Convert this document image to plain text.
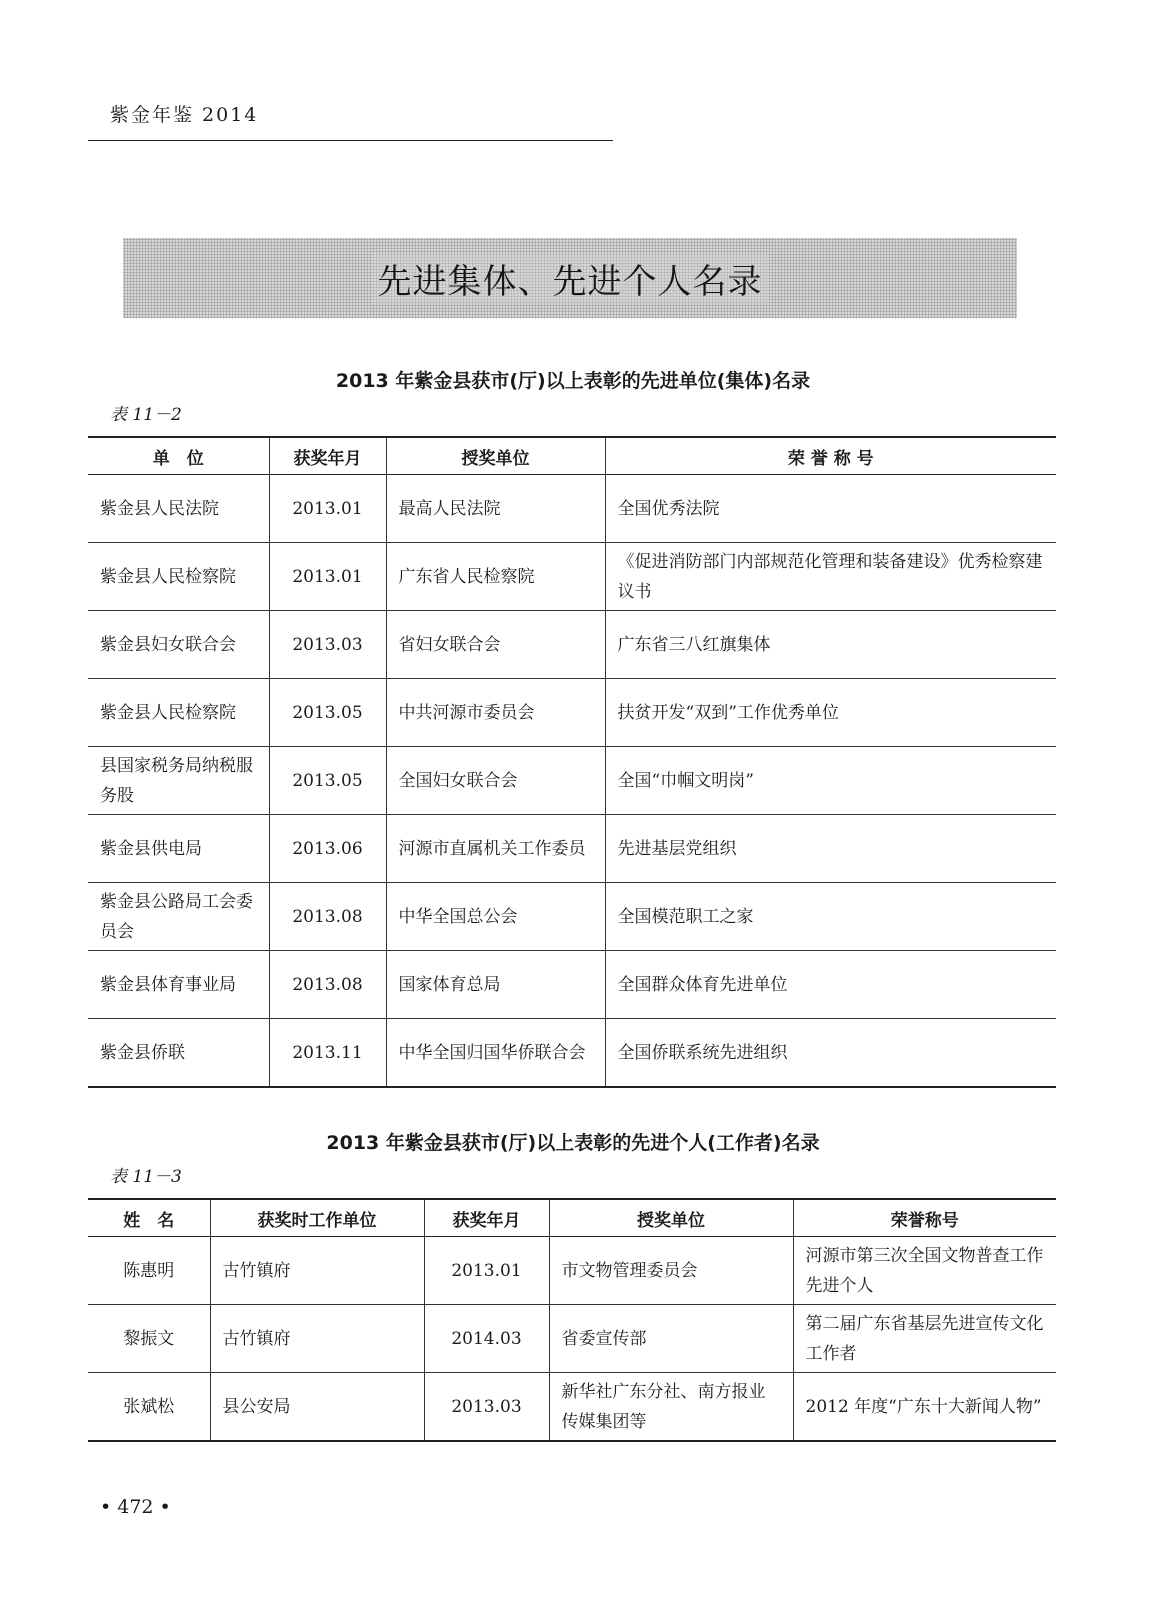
紫金年鉴 2014
先进集体、先进个人名录
2013 年紫金县获市(厅)以上表彰的先进单位(集体)名录
表 11－2
单　位	获奖年月	授奖单位	荣 誉 称 号
紫金县人民法院	2013.01	最高人民法院	全国优秀法院
紫金县人民检察院	2013.01	广东省人民检察院	《促进消防部门内部规范化管理和装备建设》优秀检察建议书
紫金县妇女联合会	2013.03	省妇女联合会	广东省三八红旗集体
紫金县人民检察院	2013.05	中共河源市委员会	扶贫开发“双到”工作优秀单位
县国家税务局纳税服务股	2013.05	全国妇女联合会	全国“巾帼文明岗”
紫金县供电局	2013.06	河源市直属机关工作委员	先进基层党组织
紫金县公路局工会委员会	2013.08	中华全国总公会	全国模范职工之家
紫金县体育事业局	2013.08	国家体育总局	全国群众体育先进单位
紫金县侨联	2013.11	中华全国归国华侨联合会	全国侨联系统先进组织
2013 年紫金县获市(厅)以上表彰的先进个人(工作者)名录
表 11－3
姓　名	获奖时工作单位	获奖年月	授奖单位	荣誉称号
陈惠明	古竹镇府	2013.01	市文物管理委员会	河源市第三次全国文物普查工作先进个人
黎振文	古竹镇府	2014.03	省委宣传部	第二届广东省基层先进宣传文化工作者
张斌松	县公安局	2013.03	新华社广东分社、南方报业传媒集团等	2012 年度“广东十大新闻人物”
• 472 •
